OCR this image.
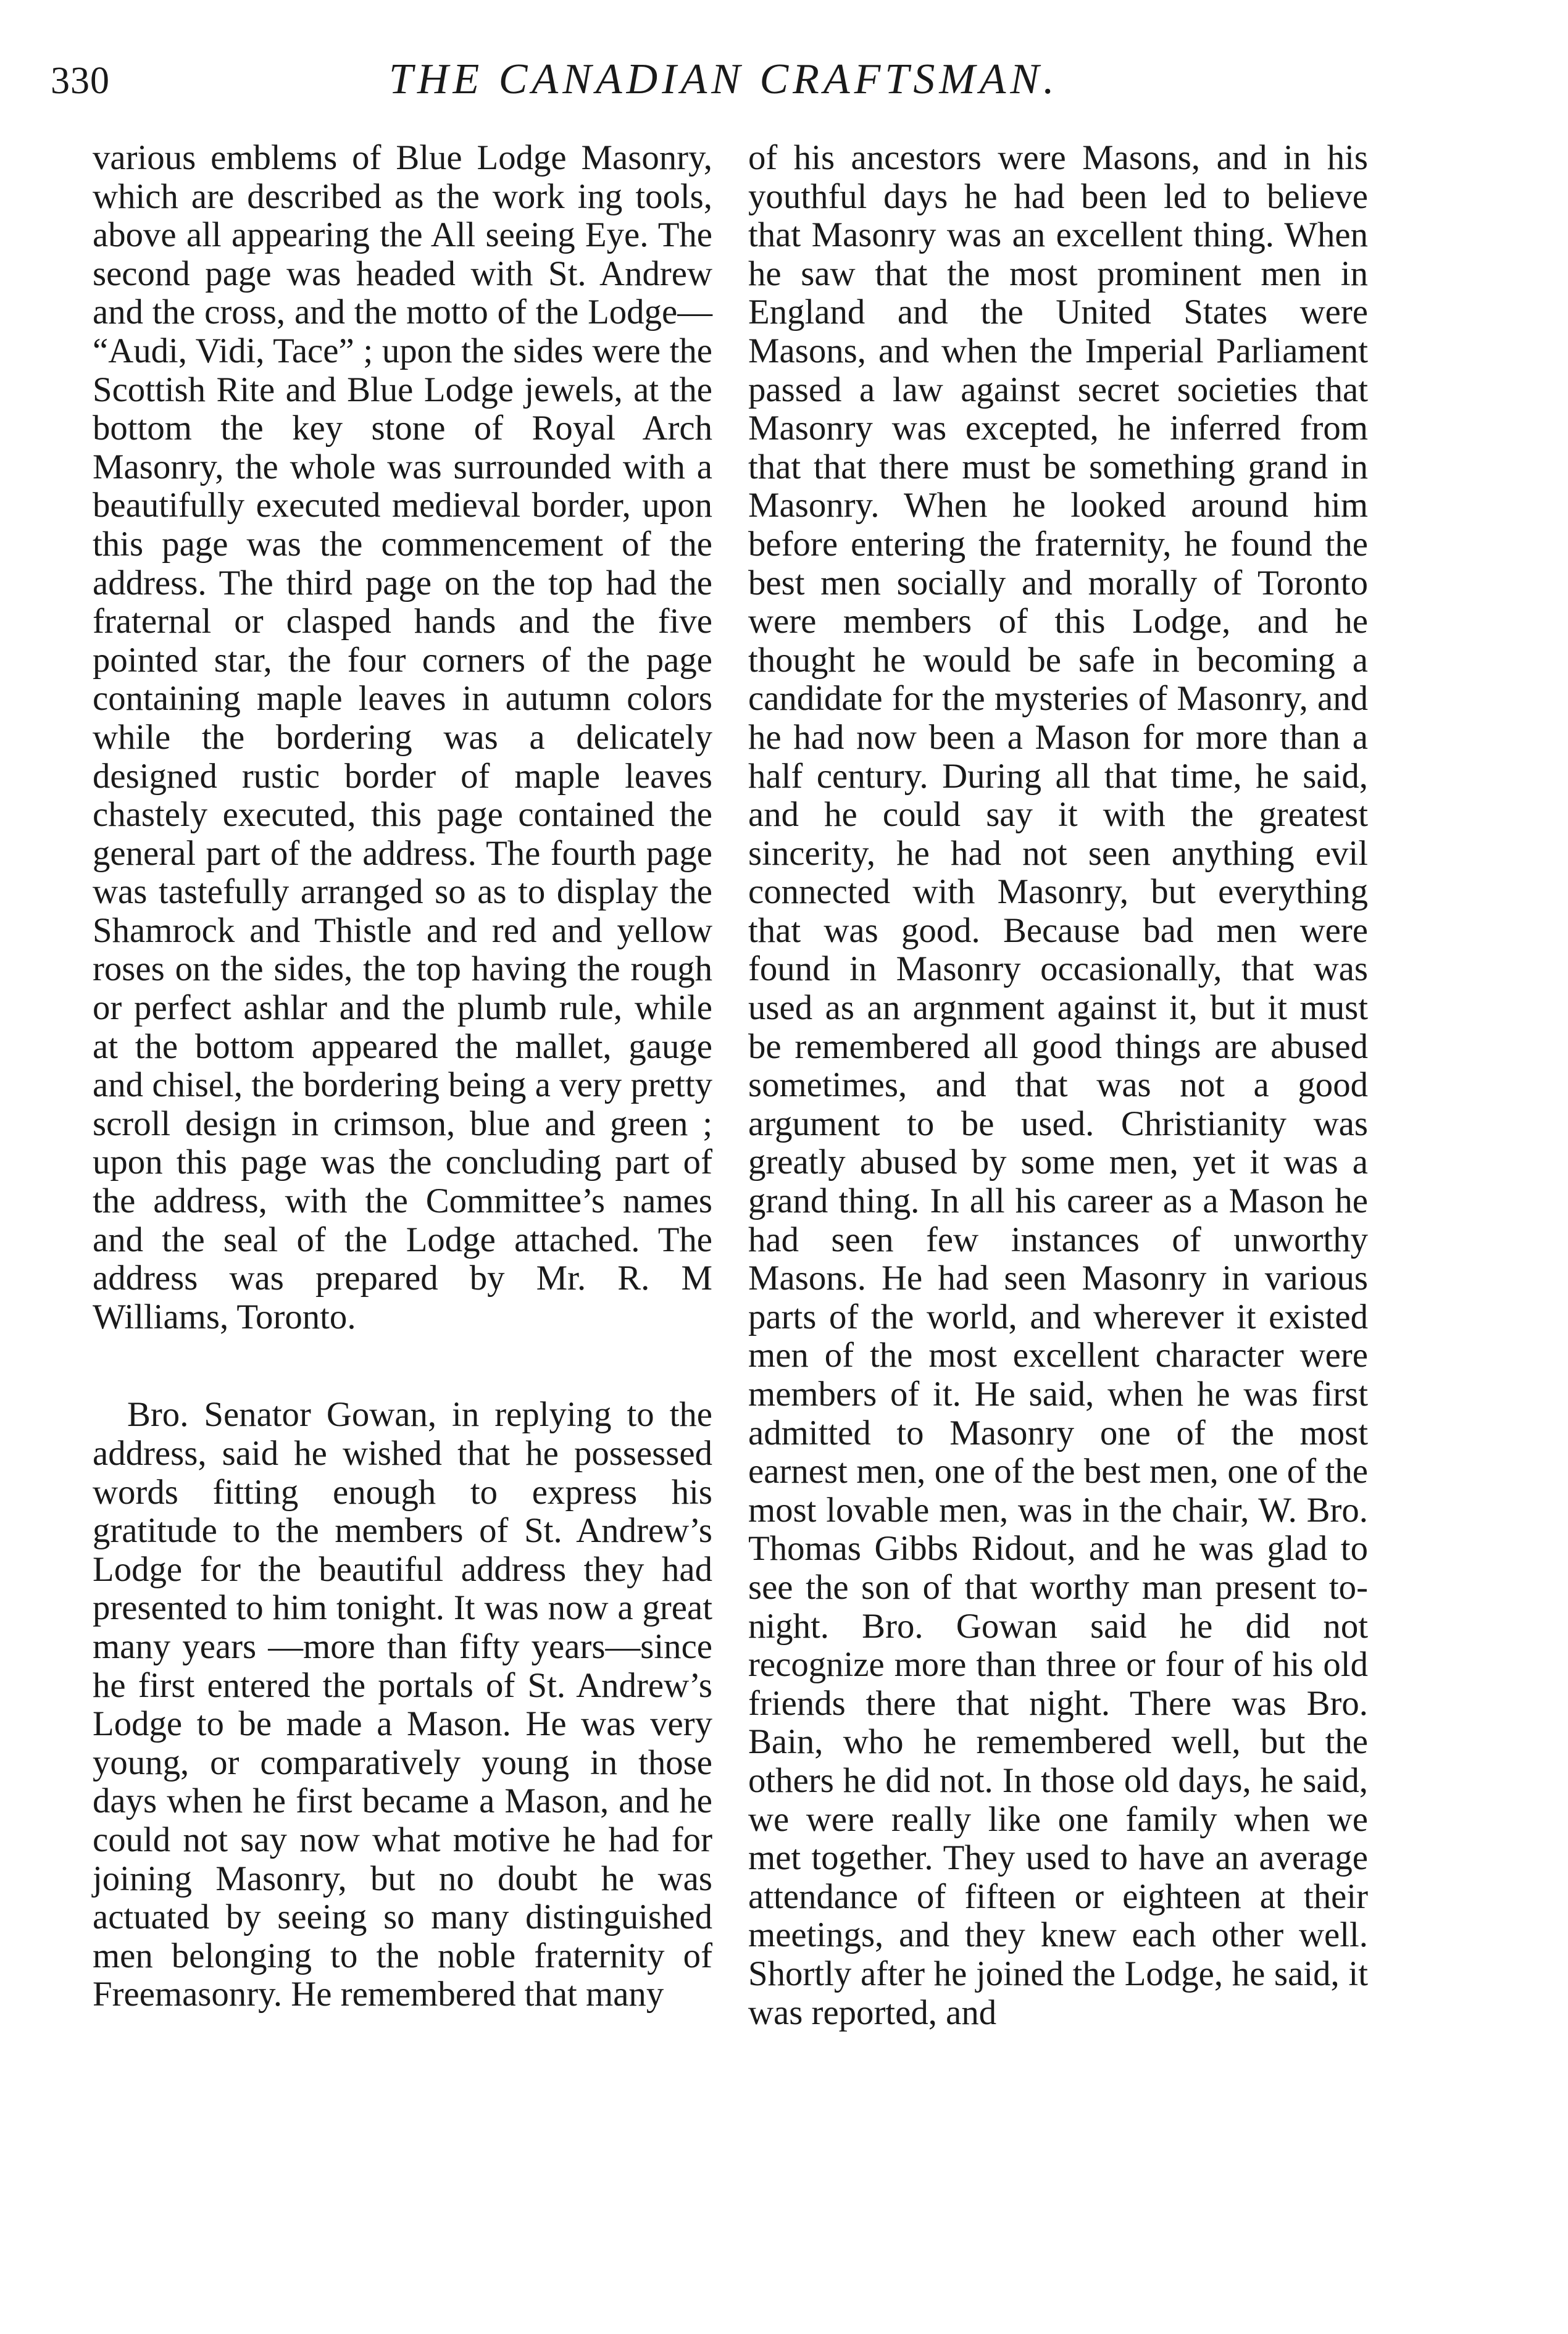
330	THE CANADIAN CRAFTSMAN.

various emblems of Blue Lodge Masonry, which are described as the work ing tools, above all appearing the All seeing Eye. The second page was headed with St. Andrew and the cross, and the motto of the Lodge— “Audi, Vidi, Tace” ; upon the sides were the Scottish Rite and Blue Lodge jewels, at the bottom the key stone of Royal Arch Masonry, the whole was surrounded with a beautifully executed medieval border, upon this page was the commencement of the address. The third page on the top had the fraternal or clasped hands and the five pointed star, the four corners of the page containing maple leaves in autumn colors while the bordering was a delicately designed rustic border of maple leaves chastely executed, this page contained the general part of the address. The fourth page was tastefully arranged so as to display the Shamrock and Thistle and red and yellow roses on the sides, the top having the rough or perfect ashlar and the plumb rule, while at the bottom appeared the mallet, gauge and chisel, the bordering being a very pretty scroll design in crimson, blue and green ; upon this page was the concluding part of the address, with the Committee’s names and the seal of the Lodge attached. The address was prepared by Mr. R. M Williams, Toronto.

Bro. Senator Gowan, in replying to the address, said he wished that he possessed words fitting enough to express his gratitude to the members of St. Andrew’s Lodge for the beautiful address they had presented to him tonight. It was now a great many years —more than fifty years—since he first entered the portals of St. Andrew’s Lodge to be made a Mason. He was very young, or comparatively young in those days when he first became a Mason, and he could not say now what motive he had for joining Masonry, but no doubt he was actuated by seeing so many distinguished men belonging to the noble fraternity of Freemasonry. He remembered that many

of his ancestors were Masons, and in his youthful days he had been led to believe that Masonry was an excellent thing. When he saw that the most prominent men in England and the United States were Masons, and when the Imperial Parliament passed a law against secret societies that Masonry was excepted, he inferred from that that there must be something grand in Masonry. When he looked around him before entering the fraternity, he found the best men socially and morally of Toronto were members of this Lodge, and he thought he would be safe in becoming a candidate for the mysteries of Masonry, and he had now been a Mason for more than a half century. During all that time, he said, and he could say it with the greatest sincerity, he had not seen anything evil connected with Masonry, but everything that was good. Because bad men were found in Masonry occasionally, that was used as an argnment against it, but it must be remembered all good things are abused sometimes, and that was not a good argument to be used. Christianity was greatly abused by some men, yet it was a grand thing. In all his career as a Mason he had seen few instances of unworthy Masons. He had seen Masonry in various parts of the world, and wherever it existed men of the most excellent character were members of it. He said, when he was first admitted to Masonry one of the most earnest men, one of the best men, one of the most lovable men, was in the chair, W. Bro. Thomas Gibbs Ridout, and he was glad to see the son of that worthy man present to-night. Bro. Gowan said he did not recognize more than three or four of his old friends there that night. There was Bro. Bain, who he remembered well, but the others he did not. In those old days, he said, we were really like one family when we met together. They used to have an average attendance of fifteen or eighteen at their meetings, and they knew each other well. Shortly after he joined the Lodge, he said, it was reported, and
